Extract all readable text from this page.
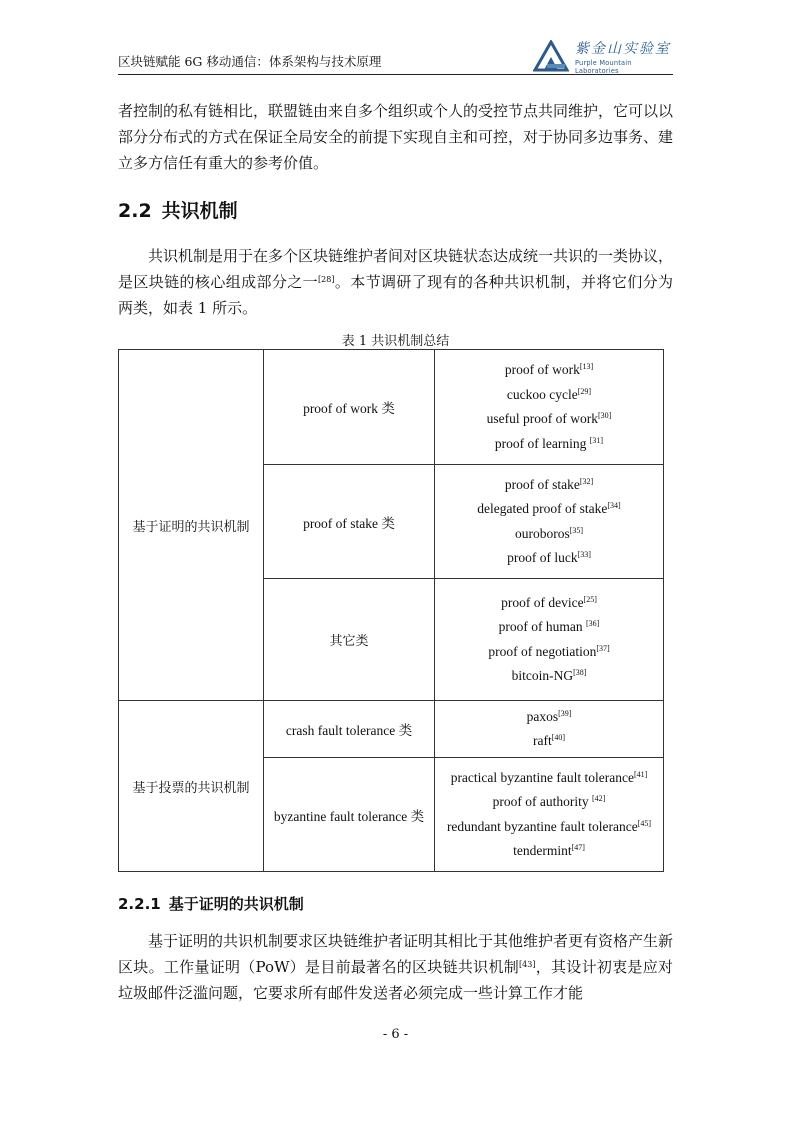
区块链赋能 6G 移动通信：体系架构与技术原理
紫金山实验室
Purple Mountain Laboratories

者控制的私有链相比，联盟链由来自多个组织或个人的受控节点共同维护，它可以以部分分布式的方式在保证全局安全的前提下实现自主和可控，对于协同多边事务、建立多方信任有重大的参考价值。

2.2 共识机制

共识机制是用于在多个区块链维护者间对区块链状态达成统一共识的一类协议，是区块链的核心组成部分之一[28]。本节调研了现有的各种共识机制，并将它们分为两类，如表 1 所示。

表 1 共识机制总结
基于证明的共识机制	proof of work 类	proof of work[13]
cuckoo cycle[29]
useful proof of work[30]
proof of learning [31]

	proof of stake 类	proof of stake[32]
delegated proof of stake[34]
ouroboros[35]
proof of luck[33]

	其它类	proof of device[25]
proof of human [36]
proof of negotiation[37]
bitcoin-NG[38]

基于投票的共识机制	crash fault tolerance 类	paxos[39]
raft[40]

	byzantine fault tolerance 类	practical byzantine fault tolerance[41]
proof of authority [42]
redundant byzantine fault tolerance[45]
tendermint[47]
2.2.1 基于证明的共识机制

基于证明的共识机制要求区块链维护者证明其相比于其他维护者更有资格产生新区块。工作量证明（PoW）是目前最著名的区块链共识机制[43]，其设计初衷是应对垃圾邮件泛滥问题，它要求所有邮件发送者必须完成一些计算工作才能

- 6 -
